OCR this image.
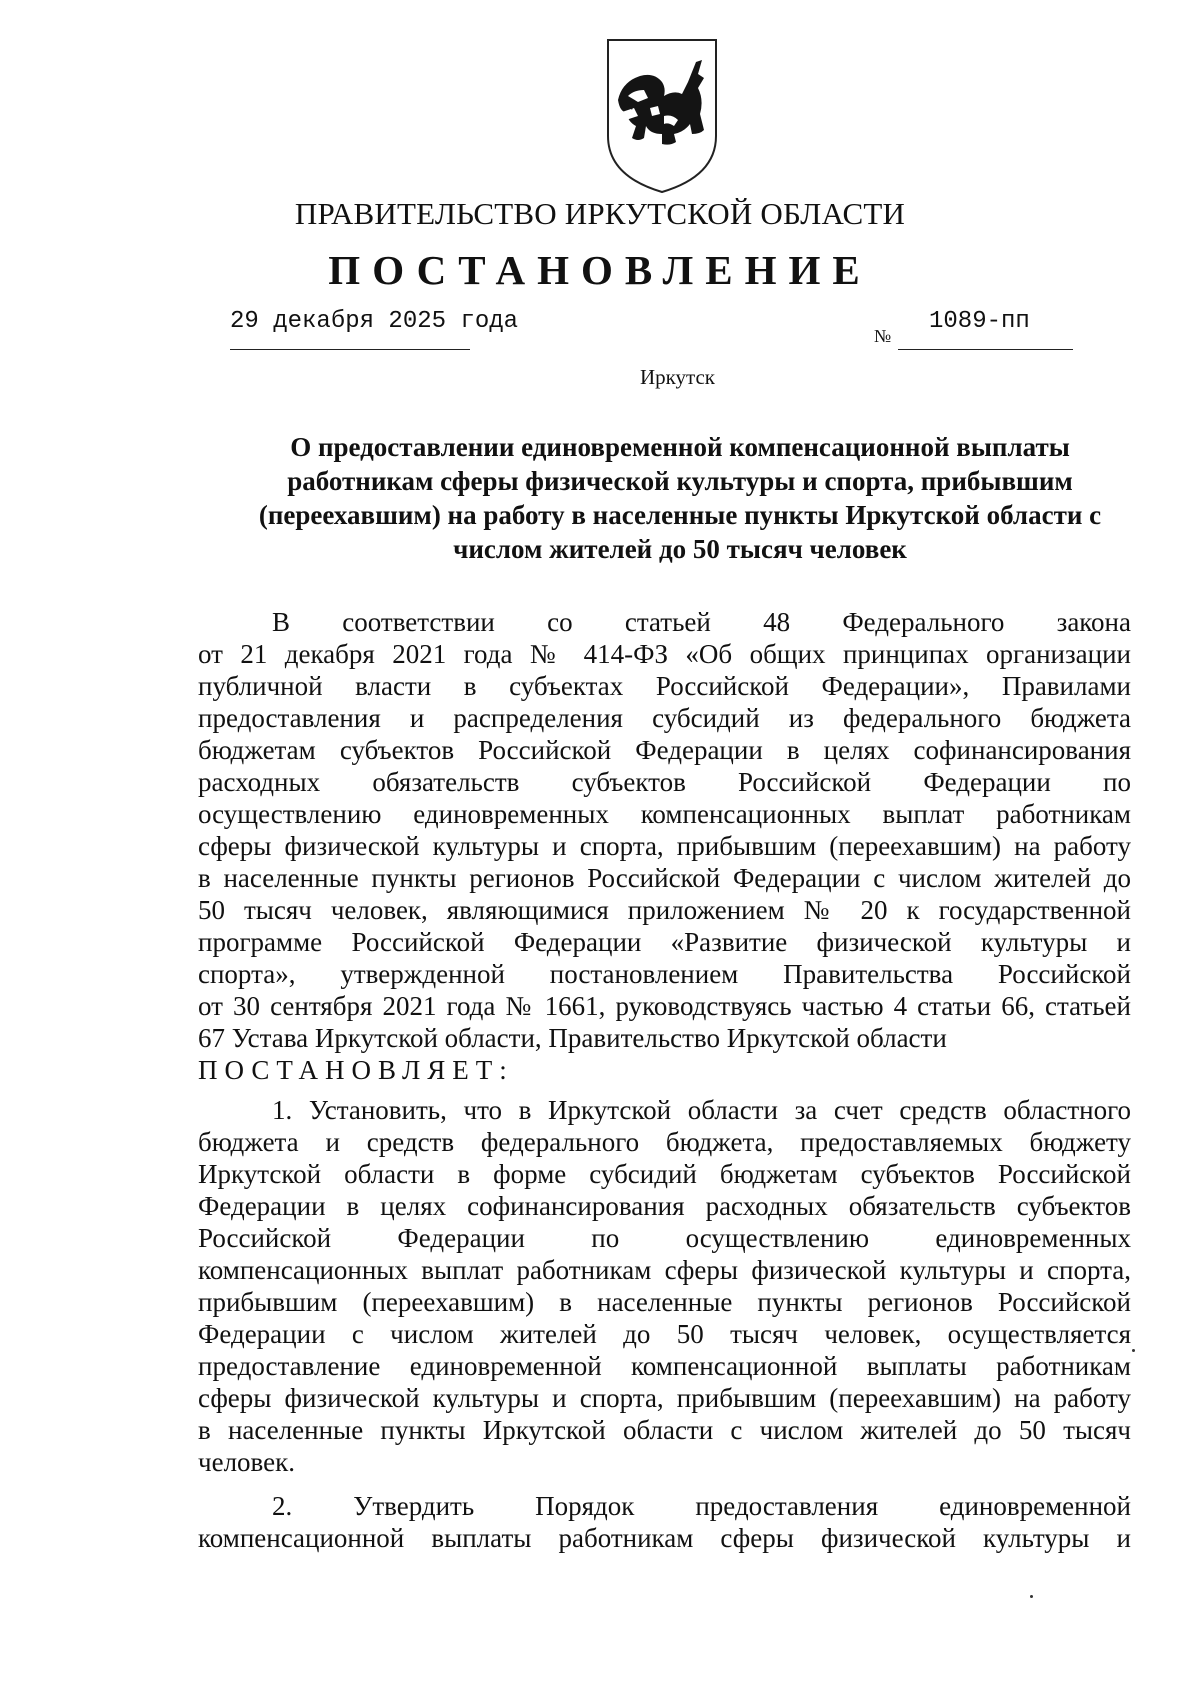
ПРАВИТЕЛЬСТВО ИРКУТСКОЙ ОБЛАСТИ
ПОСТАНОВЛЕНИЕ
29 декабря 2025 года
№
1089-пп
Иркутск
О предоставлении единовременной компенсационной выплаты
работникам сферы физической культуры и спорта, прибывшим
(переехавшим) на работу в населенные пункты Иркутской области с
числом жителей до 50 тысяч человек
В соответствии со статьей 48 Федерального закона
от 21 декабря 2021 года № 414-ФЗ «Об общих принципах организации
публичной власти в субъектах Российской Федерации», Правилами
предоставления и распределения субсидий из федерального бюджета
бюджетам субъектов Российской Федерации в целях софинансирования
расходных обязательств субъектов Российской Федерации по
осуществлению единовременных компенсационных выплат работникам
сферы физической культуры и спорта, прибывшим (переехавшим) на работу
в населенные пункты регионов Российской Федерации с числом жителей до
50 тысяч человек, являющимися приложением № 20 к государственной
программе Российской Федерации «Развитие физической культуры и
спорта», утвержденной постановлением Правительства Российской
от 30 сентября 2021 года № 1661, руководствуясь частью 4 статьи 66, статьей
67 Устава Иркутской области, Правительство Иркутской области
ПОСТАНОВЛЯЕТ:
1. Установить, что в Иркутской области за счет средств областного
бюджета и средств федерального бюджета, предоставляемых бюджету
Иркутской области в форме субсидий бюджетам субъектов Российской
Федерации в целях софинансирования расходных обязательств субъектов
Российской Федерации по осуществлению единовременных
компенсационных выплат работникам сферы физической культуры и спорта,
прибывшим (переехавшим) в населенные пункты регионов Российской
Федерации с числом жителей до 50 тысяч человек, осуществляется
предоставление единовременной компенсационной выплаты работникам
сферы физической культуры и спорта, прибывшим (переехавшим) на работу
в населенные пункты Иркутской области с числом жителей до 50 тысяч
человек.
2. Утвердить Порядок предоставления единовременной
компенсационной выплаты работникам сферы физической культуры и
